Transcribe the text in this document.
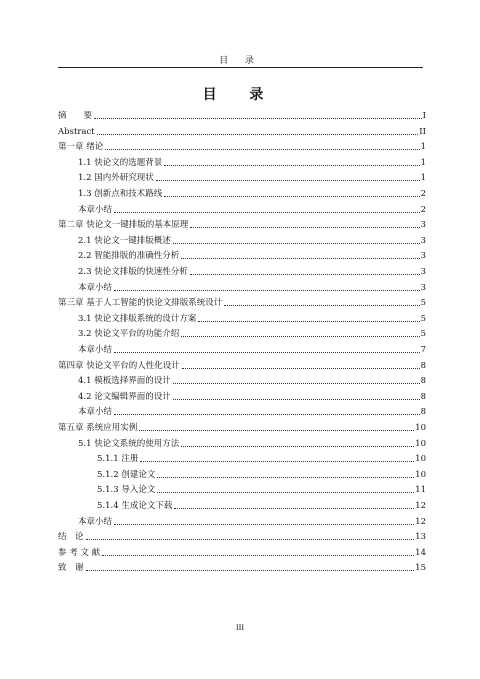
目 录
目 录
摘　　要	I
Abstract	II
第一章 绪论	1
1.1 快论文的选题背景	1
1.2 国内外研究现状	1
1.3 创新点和技术路线	2
本章小结	2
第二章 快论文一键排版的基本原理	3
2.1 快论文一键排版概述	3
2.2 智能排版的准确性分析	3
2.3 快论文排版的快速性分析	3
本章小结	3
第三章 基于人工智能的快论文排版系统设计	5
3.1 快论文排版系统的设计方案	5
3.2 快论文平台的功能介绍	5
本章小结	7
第四章 快论文平台的人性化设计	8
4.1 模板选择界面的设计	8
4.2 论文编辑界面的设计	8
本章小结	8
第五章 系统应用实例	10
5.1 快论文系统的使用方法	10
5.1.1 注册	10
5.1.2 创建论文	10
5.1.3 导入论文	11
5.1.4 生成论文下载	12
本章小结	12
结　论	13
参 考 文 献	14
致　谢	15
III
